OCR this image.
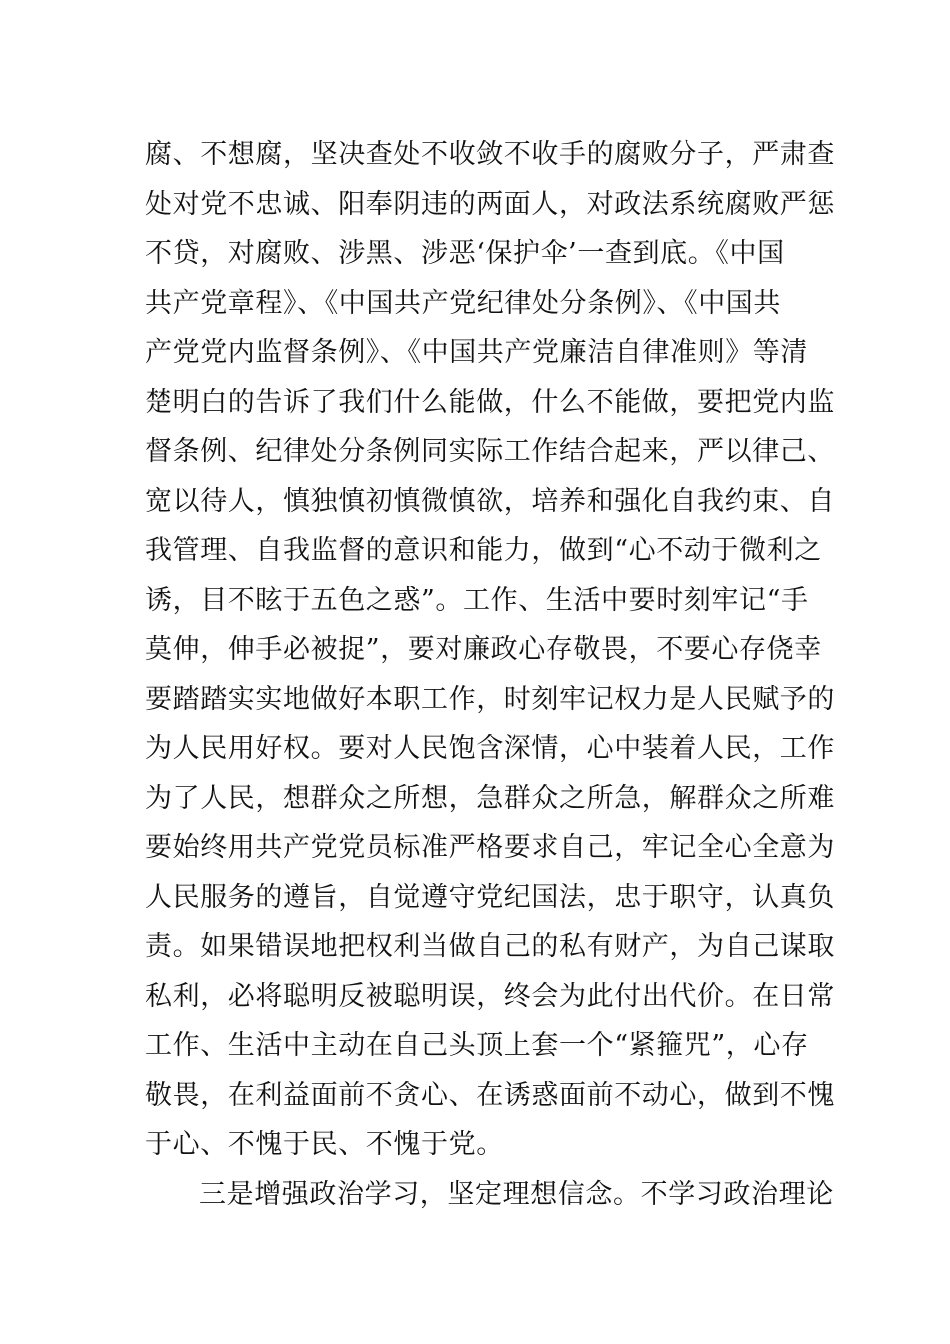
腐、不想腐，坚决查处不收敛不收手的腐败分子，严肃查
处对党不忠诚、阳奉阴违的两面人，对政法系统腐败严惩
不贷，对腐败、涉黑、涉恶‘保护伞’一查到底。《中国
共产党章程》、《中国共产党纪律处分条例》、《中国共
产党党内监督条例》、《中国共产党廉洁自律准则》等清
楚明白的告诉了我们什么能做，什么不能做，要把党内监
督条例、纪律处分条例同实际工作结合起来，严以律己、
宽以待人，慎独慎初慎微慎欲，培养和强化自我约束、自
我管理、自我监督的意识和能力，做到“心不动于微利之
诱，目不眩于五色之惑”。工作、生活中要时刻牢记“手
莫伸，伸手必被捉”，要对廉政心存敬畏，不要心存侥幸
要踏踏实实地做好本职工作，时刻牢记权力是人民赋予的
为人民用好权。要对人民饱含深情，心中装着人民，工作
为了人民，想群众之所想，急群众之所急，解群众之所难
要始终用共产党党员标准严格要求自己，牢记全心全意为
人民服务的遵旨，自觉遵守党纪国法，忠于职守，认真负
责。如果错误地把权利当做自己的私有财产，为自己谋取
私利，必将聪明反被聪明误，终会为此付出代价。在日常
工作、生活中主动在自己头顶上套一个“紧箍咒”，心存
敬畏，在利益面前不贪心、在诱惑面前不动心，做到不愧
于心、不愧于民、不愧于党。
三是增强政治学习，坚定理想信念。不学习政治理论
